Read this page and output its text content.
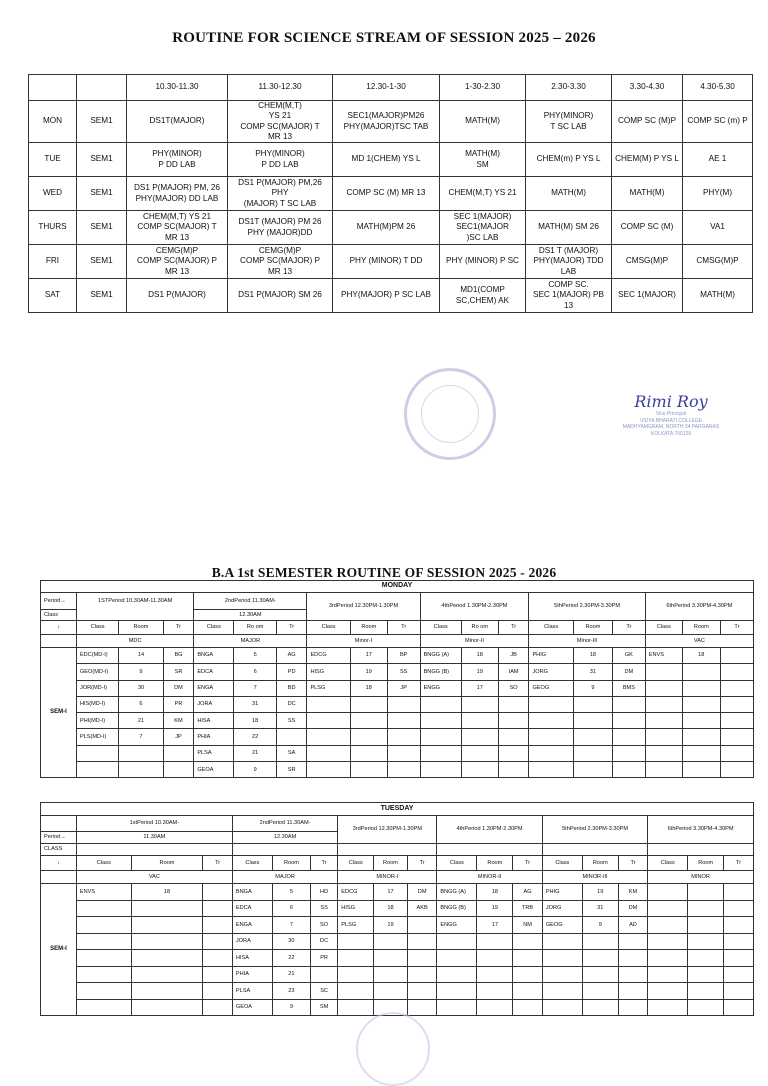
ROUTINE FOR SCIENCE STREAM OF SESSION 2025 – 2026
		10.30-11.30	11.30-12.30	12.30-1-30	1-30-2.30	2.30-3.30	3.30-4.30	4.30-5.30
MON	SEM1	DS1T(MAJOR)	CHEM(M,T)
YS 21
COMP SC(MAJOR) T
MR 13	SEC1(MAJOR)PM26
PHY(MAJOR)TSC TAB	MATH(M)	PHY(MINOR)
T SC LAB	COMP SC (M)P	COMP SC (m) P
TUE	SEM1	PHY(MINOR)
P DD LAB	PHY(MINOR)
P DD LAB	MD 1(CHEM) YS L	MATH(M)
SM	CHEM(m) P YS L	CHEM(M) P YS L	AE 1
WED	SEM1	DS1 P(MAJOR) PM, 26
PHY(MAJOR) DD LAB	DS1 P(MAJOR) PM,26
PHY
(MAJOR) T SC LAB	COMP SC (M) MR 13	CHEM(M,T) YS 21	MATH(M)	MATH(M)	PHY(M)
THURS	SEM1	CHEM(M,T) YS 21
COMP SC(MAJOR) T
MR 13	DS1T (MAJOR) PM 26
PHY (MAJOR)DD	MATH(M)PM 26	SEC 1(MAJOR)
SEC1(MAJOR
)SC LAB	MATH(M) SM 26	COMP SC (M)	VA1
FRI	SEM1	CEMG(M)P
COMP SC(MAJOR) P
MR 13	CEMG(M)P
COMP SC(MAJOR) P
MR 13	PHY (MINOR) T DD	PHY (MINOR) P SC	DS1 T (MAJOR)
PHY(MAJOR) TDD
LAB	CMSG(M)P	CMSG(M)P
SAT	SEM1	DS1 P(MAJOR)	DS1 P(MAJOR) SM 26	PHY(MAJOR) P SC LAB	MD1(COMP
SC,CHEM) AK	COMP SC.
SEC 1(MAJOR) PB
13	SEC 1(MAJOR)	MATH(M)
Rimi Roy
Vice Principal
VIDYA BHARATI COLLEGE
MADHYAMGRAM, NORTH 24 PARGANAS
KOLKATA 700129
B.A 1st SEMESTER ROUTINE OF SESSION 2025 - 2026
MONDAY																		
Period→	1STPeriod 10.30AM-11.30AM			2ndPeriod 11.30AM-			3rdPeriod 12.30PM-1.30PM			4thPeriod 1.30PM-2.30PM			5thPeriod 2.30PM-3.30PM			6thPeriod 3.30PM-4.30PM		
Class				12.30AM														
↓	Class	Room	Tr	Class	Ro om	Tr	Class	Room	Tr	Class	Ro om	Tr	Class	Room	Tr	Class	Room	Tr
	MDC			MAJOR			Minor-I			Minor-II			Minor-III			VAC		
SEM-I	EDC(MD-I)	14	BG	BNGA	5	AG	EDCG	17	BP	BNGG (A)	18	JB	PHIG	18	GK	ENVS	18	
	GEO(MD-I)	9	SR	EDCA	6	PD	HISG	19	SS	BNGG (B)	19	IAM	JORG	31	DM			
	JOR(MD-I)	30	DM	ENGA	7	BD	PLSG	18	JP	ENGG	17	SO	GEOG	9	BMS			
	HIS(MD-I)	6	PR	JORA	31	DC												
	PHI(MD-I)	21	KM	HISA	18	SS												
	PLS(MD-I)	7	JP	PHIA	22													
				PLSA	21	SA												
				GEOA	9	SR												
TUESDAY																		
	1stPeriod 10.30AM-			2ndPeriod 11.30AM-			3rdPeriod 12.30PM-1.30PM			4thPeriod 1.30PM-2.30PM			5thPeriod 2.30PM-3.30PM			6thPeriod 3.30PM-4.30PM		
Period→	11.30AM			12.30AM														
CLASS																		
↓	Class	Room	Tr	Class	Room	Tr	Class	Room	Tr	Class	Room	Tr	Class	Room	Tr	Class	Room	Tr
	VAC			MAJOR			MINOR-I			MINOR-II			MINOR-III			MINOR		
SEM-I	ENVS	18		BNGA	5	HD	EDCG	17	DM	BNGG (A)	18	AG	PHIG	19	KM			
				EDCA	6	SS	HISG	18	AKB	BNGG (B)	19	TRB	JORG	31	DM			
				ENGA	7	SO	PLSG	19		ENGG	17	NM	GEOG	9	AD			
				JORA	30	DC												
				HISA	22	PR												
				PHIA	21													
				PLSA	23	SC												
				GEOA	9	SM												
